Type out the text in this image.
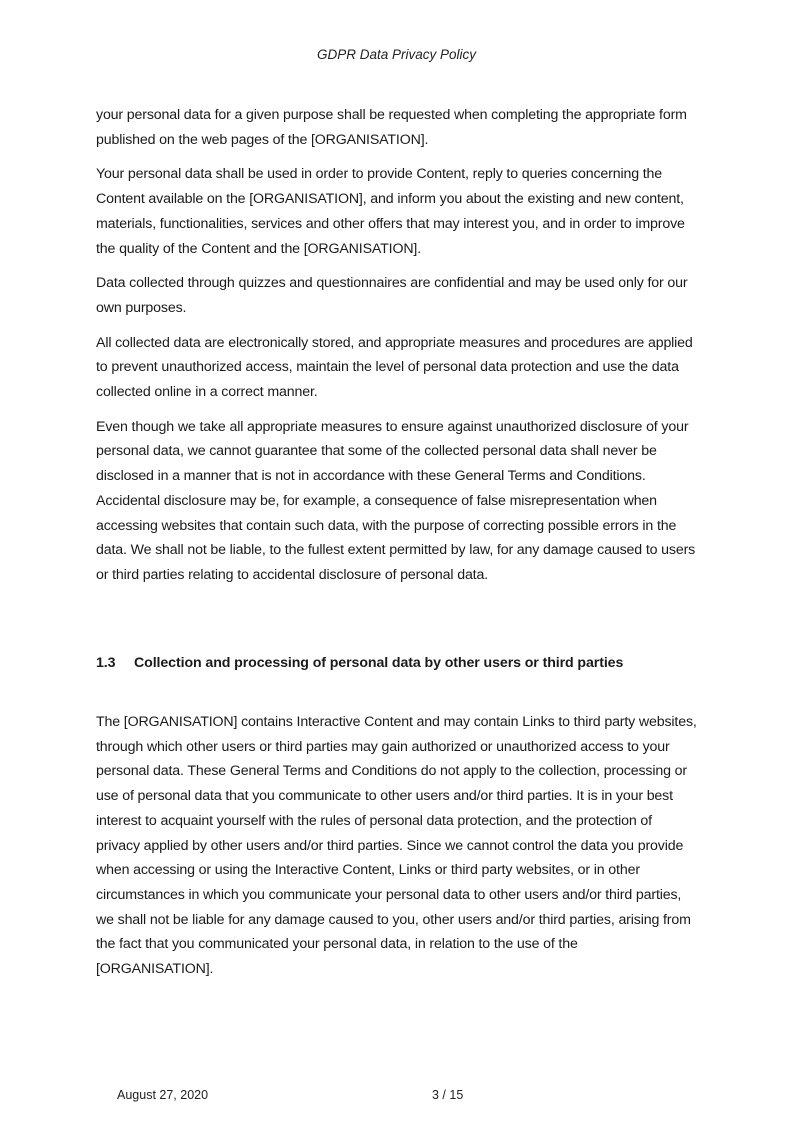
GDPR Data Privacy Policy

your personal data for a given purpose shall be requested when completing the appropriate form published on the web pages of the [ORGANISATION].

Your personal data shall be used in order to provide Content, reply to queries concerning the Content available on the [ORGANISATION], and inform you about the existing and new content, materials, functionalities, services and other offers that may interest you, and in order to improve the quality of the Content and the [ORGANISATION].

Data collected through quizzes and questionnaires are confidential and may be used only for our own purposes.

All collected data are electronically stored, and appropriate measures and procedures are applied to prevent unauthorized access, maintain the level of personal data protection and use the data collected online in a correct manner.

Even though we take all appropriate measures to ensure against unauthorized disclosure of your personal data, we cannot guarantee that some of the collected personal data shall never be disclosed in a manner that is not in accordance with these General Terms and Conditions. Accidental disclosure may be, for example, a consequence of false misrepresentation when accessing websites that contain such data, with the purpose of correcting possible errors in the data. We shall not be liable, to the fullest extent permitted by law, for any damage caused to users or third parties relating to accidental disclosure of personal data.

1.3 Collection and processing of personal data by other users or third parties

The [ORGANISATION] contains Interactive Content and may contain Links to third party websites, through which other users or third parties may gain authorized or unauthorized access to your personal data. These General Terms and Conditions do not apply to the collection, processing or use of personal data that you communicate to other users and/or third parties. It is in your best interest to acquaint yourself with the rules of personal data protection, and the protection of privacy applied by other users and/or third parties. Since we cannot control the data you provide when accessing or using the Interactive Content, Links or third party websites, or in other circumstances in which you communicate your personal data to other users and/or third parties, we shall not be liable for any damage caused to you, other users and/or third parties, arising from the fact that you communicated your personal data, in relation to the use of the [ORGANISATION].

August 27, 2020	3 / 15
